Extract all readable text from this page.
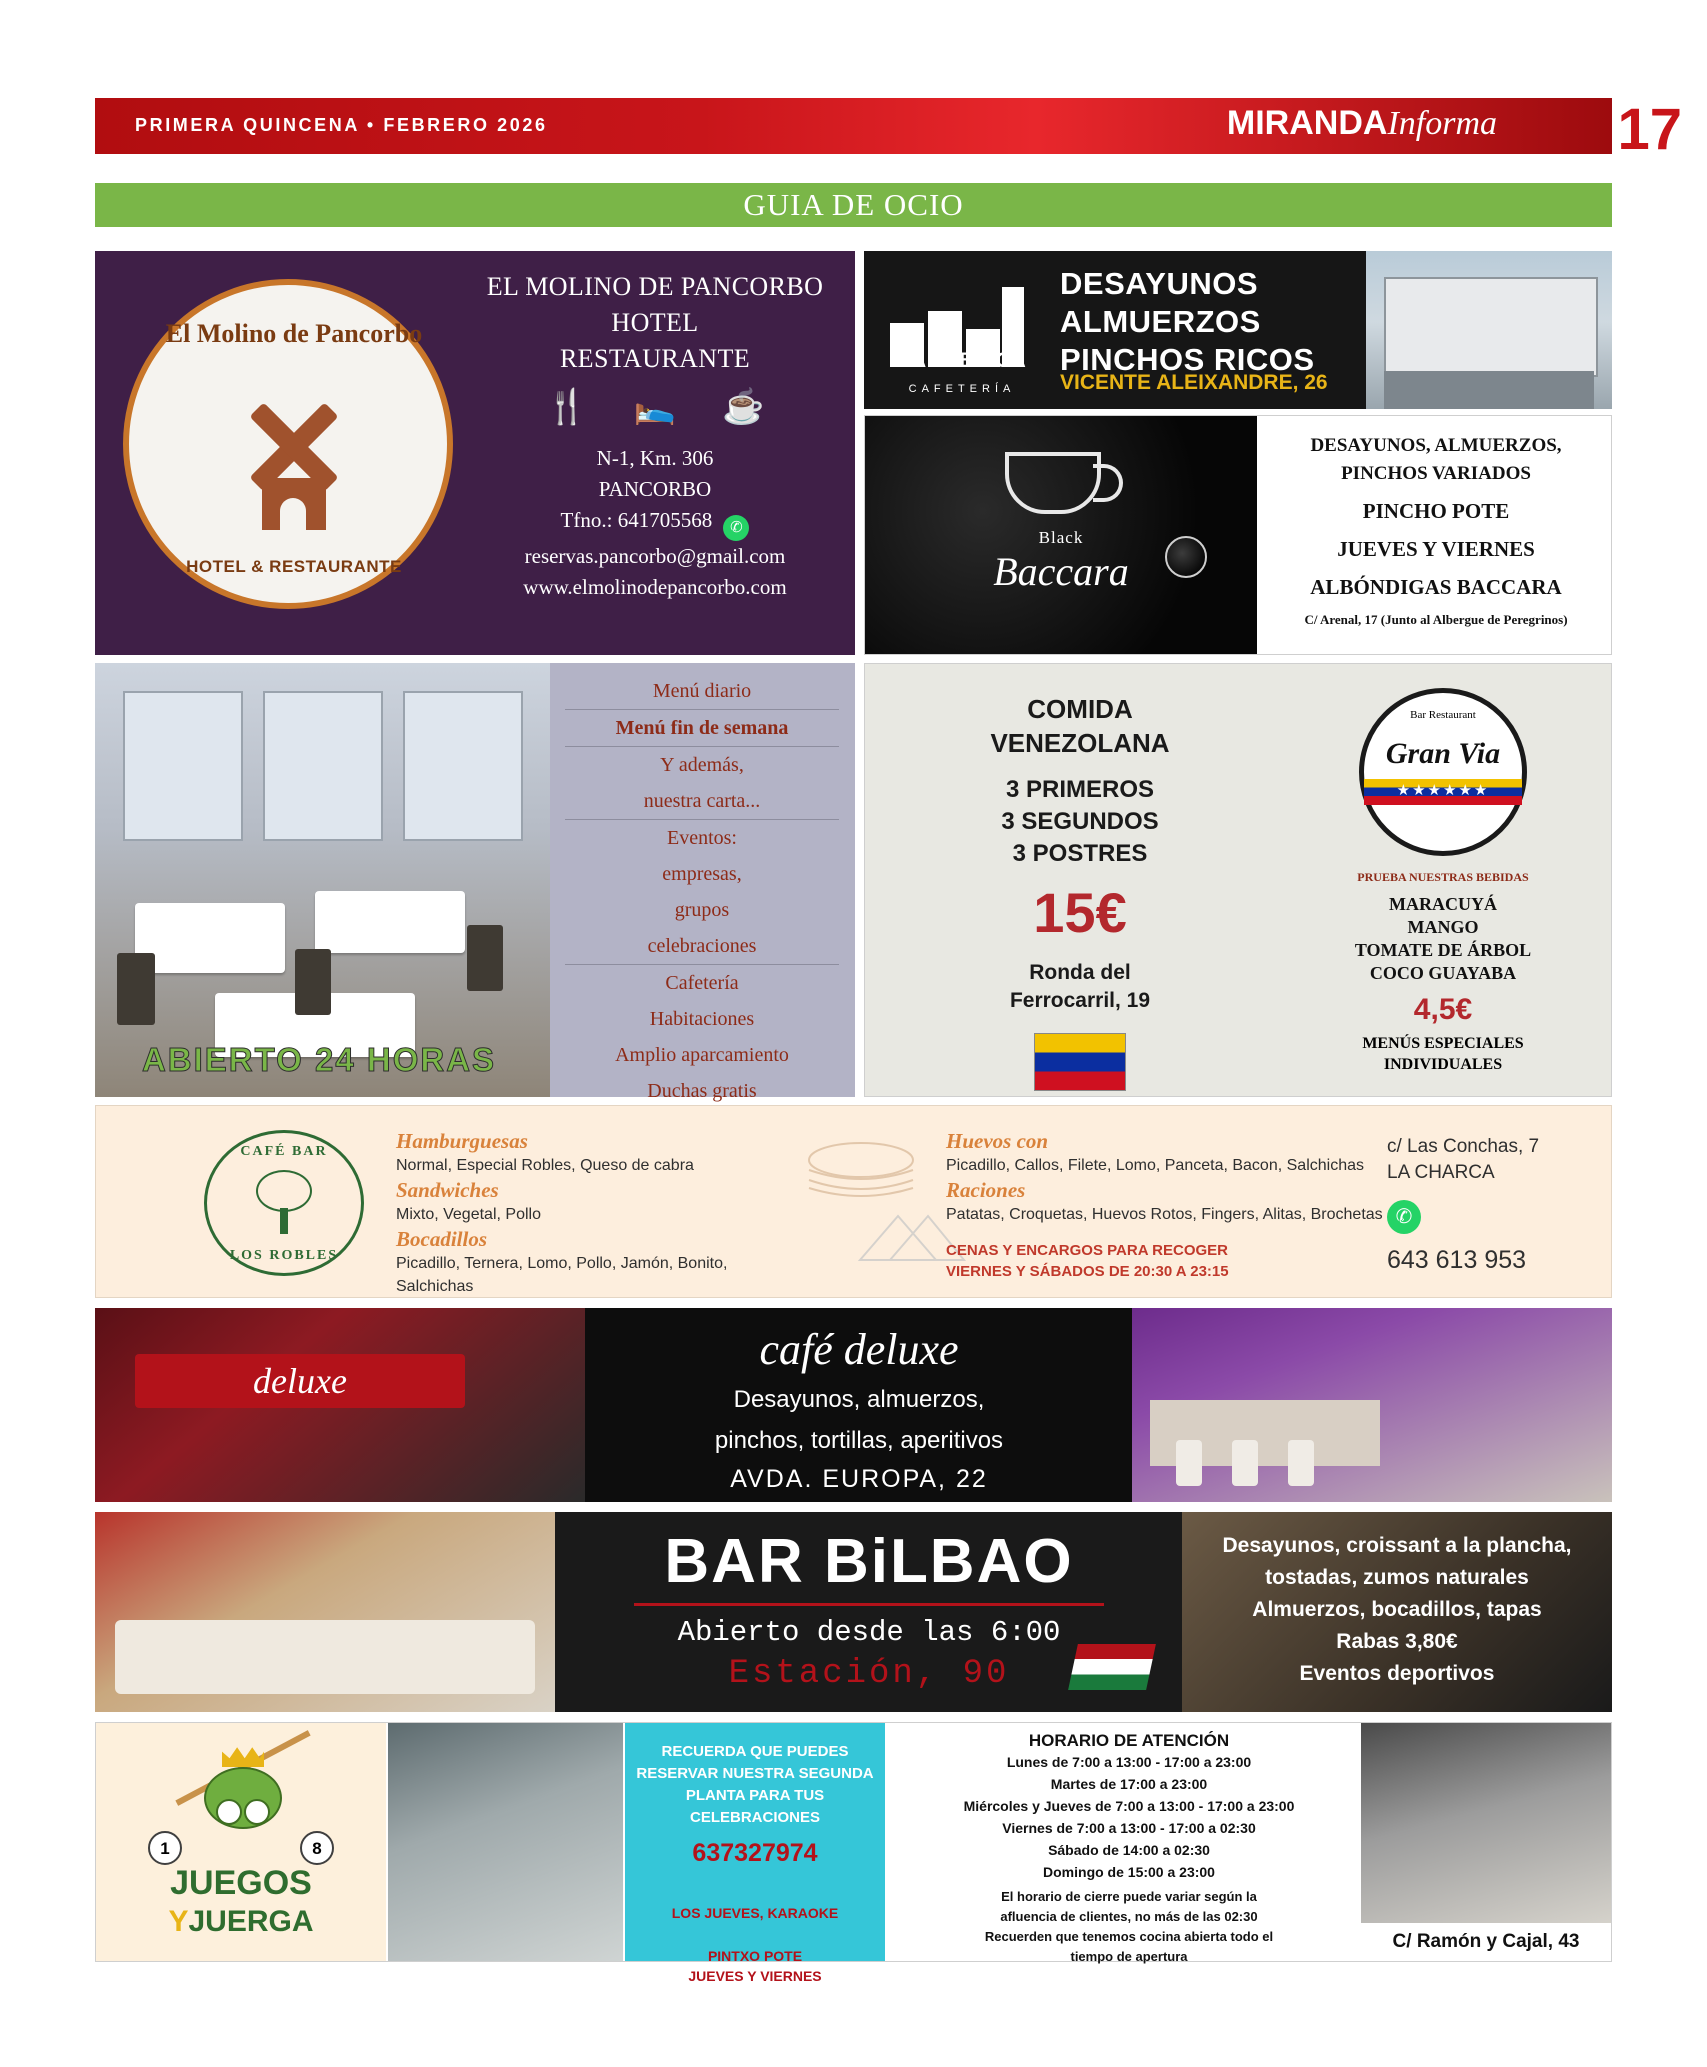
PRIMERA QUINCENA • FEBRERO 2026	MIRANDAInforma 17
GUIA DE OCIO
El Molino de Pancorbo
HOTEL & RESTAURANTE
EL MOLINO DE PANCORBO
HOTEL
RESTAURANTE
🍴 🛌 ☕
N-1, Km. 306
PANCORBO
Tfno.: 641705568 ✆
reservas.pancorbo@gmail.com
www.elmolinodepancorbo.com
LA FÁBRICA
CAFETERÍA
DESAYUNOS
ALMUERZOS
PINCHOS RICOS
VICENTE ALEIXANDRE, 26
Black
Baccara
DESAYUNOS, ALMUERZOS,
PINCHOS VARIADOS
PINCHO POTE
JUEVES Y VIERNES
ALBÓNDIGAS BACCARA
C/ Arenal, 17 (Junto al Albergue de Peregrinos)
ABIERTO 24 HORAS
Menú diario
Menú fin de semana
Y además,
nuestra carta...
Eventos:
empresas,
grupos
celebraciones
Cafetería
Habitaciones
Amplio aparcamiento
Duchas gratis
COMIDA
VENEZOLANA
3 PRIMEROS
3 SEGUNDOS
3 POSTRES
15€
Ronda del
Ferrocarril, 19
Bar Restaurant
Gran Via
★★★★★★
PRUEBA NUESTRAS BEBIDAS
MARACUYÁ
MANGO
TOMATE DE ÁRBOL
COCO GUAYABA
4,5€
MENÚS ESPECIALES
INDIVIDUALES
CAFÉ BAR
LOS ROBLES
Hamburguesas
Normal, Especial Robles, Queso de cabra
Sandwiches
Mixto, Vegetal, Pollo
Bocadillos
Picadillo, Ternera, Lomo, Pollo, Jamón, Bonito, Salchichas
Huevos con
Picadillo, Callos, Filete, Lomo, Panceta, Bacon, Salchichas
Raciones
Patatas, Croquetas, Huevos Rotos, Fingers, Alitas, Brochetas
CENAS Y ENCARGOS PARA RECOGER
VIERNES Y SÁBADOS DE 20:30 A 23:15
c/ Las Conchas, 7
LA CHARCA
✆
643 613 953
deluxe
café deluxe
Desayunos, almuerzos,
pinchos, tortillas, aperitivos
AVDA. EUROPA, 22
BAR BiLBAO
Abierto desde las 6:00
Estación, 90
Desayunos, croissant a la plancha,
tostadas, zumos naturales
Almuerzos, bocadillos, tapas
Rabas 3,80€
Eventos deportivos
1	8
JUEGOS
YJUERGA
RECUERDA QUE PUEDES
RESERVAR NUESTRA SEGUNDA
PLANTA PARA TUS CELEBRACIONES
637327974
LOS JUEVES, KARAOKE
PINTXO POTE
JUEVES Y VIERNES
HORARIO DE ATENCIÓN
Lunes de 7:00 a 13:00 - 17:00 a 23:00
Martes de 17:00 a 23:00
Miércoles y Jueves de 7:00 a 13:00 - 17:00 a 23:00
Viernes de 7:00 a 13:00 - 17:00 a 02:30
Sábado de 14:00 a 02:30
Domingo de 15:00 a 23:00
El horario de cierre puede variar según la
afluencia de clientes, no más de las 02:30
Recuerden que tenemos cocina abierta todo el
tiempo de apertura
C/ Ramón y Cajal, 43
